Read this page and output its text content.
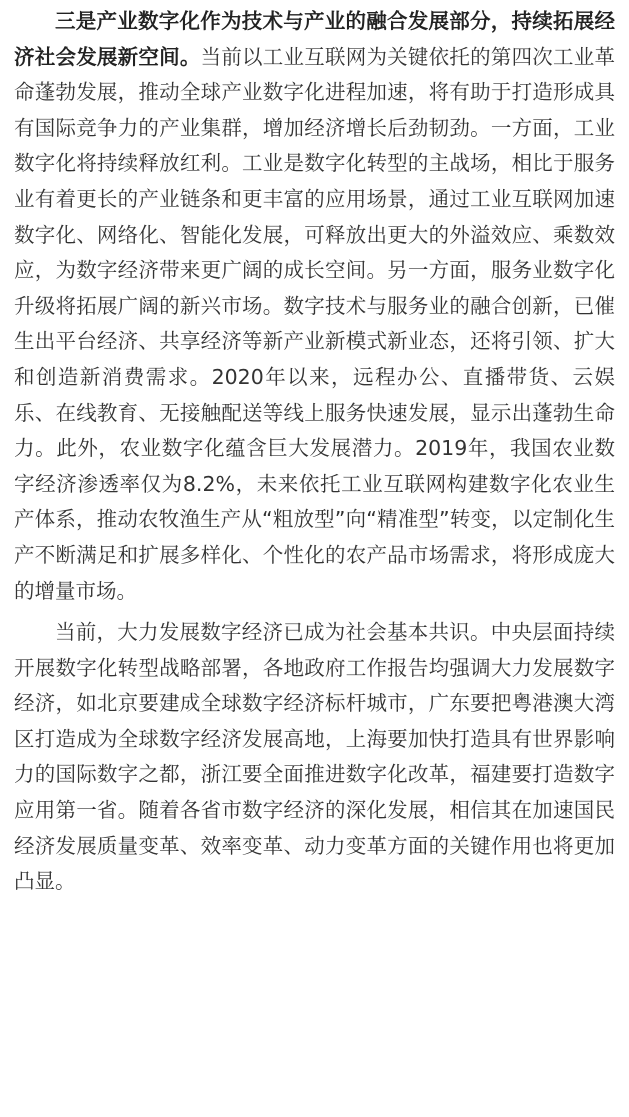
三是产业数字化作为技术与产业的融合发展部分，持续拓展经济社会发展新空间。当前以工业互联网为关键依托的第四次工业革命蓬勃发展，推动全球产业数字化进程加速，将有助于打造形成具有国际竞争力的产业集群，增加经济增长后劲韧劲。一方面，工业数字化将持续释放红利。工业是数字化转型的主战场，相比于服务业有着更长的产业链条和更丰富的应用场景，通过工业互联网加速数字化、网络化、智能化发展，可释放出更大的外溢效应、乘数效应，为数字经济带来更广阔的成长空间。另一方面，服务业数字化升级将拓展广阔的新兴市场。数字技术与服务业的融合创新，已催生出平台经济、共享经济等新产业新模式新业态，还将引领、扩大和创造新消费需求。2020年以来，远程办公、直播带货、云娱乐、在线教育、无接触配送等线上服务快速发展，显示出蓬勃生命力。此外，农业数字化蕴含巨大发展潜力。2019年，我国农业数字经济渗透率仅为8.2%，未来依托工业互联网构建数字化农业生产体系，推动农牧渔生产从“粗放型”向“精准型”转变，以定制化生产不断满足和扩展多样化、个性化的农产品市场需求，将形成庞大的增量市场。

当前，大力发展数字经济已成为社会基本共识。中央层面持续开展数字化转型战略部署，各地政府工作报告均强调大力发展数字经济，如北京要建成全球数字经济标杆城市，广东要把粤港澳大湾区打造成为全球数字经济发展高地，上海要加快打造具有世界影响力的国际数字之都，浙江要全面推进数字化改革，福建要打造数字应用第一省。随着各省市数字经济的深化发展，相信其在加速国民经济发展质量变革、效率变革、动力变革方面的关键作用也将更加凸显。
